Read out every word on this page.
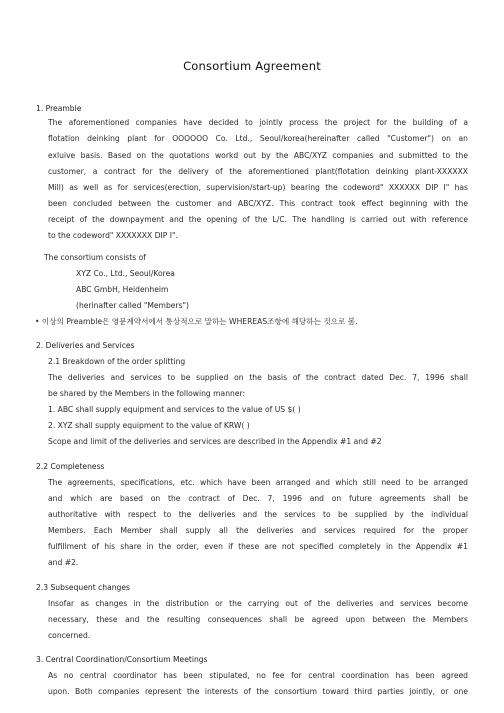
Consortium Agreement
1. Preamble
The aforementioned companies have decided to jointly process the project for the building of a
flotation deinking plant for OOOOOO Co. Ltd., Seoul/korea(hereinafter called "Customer") on an
exluive basis. Based on the quotations workd out by the ABC/XYZ companies and submitted to the
customer, a contract for the delivery of the aforementioned plant(flotation deinking plant-XXXXXX
Mill) as well as for services(erection, supervision/start-up) bearing the codeword" XXXXXX DIP I" has
been concluded between the customer and ABC/XYZ. This contract took effect beginning with the
receipt of the downpayment and the opening of the L/C. The handling is carried out with reference
to the codeword" XXXXXXX DIP I".
The consortium consists of
XYZ Co., Ltd., Seoul/Korea
ABC GmbH, Heidenheim
(herinafter called "Members")
• 이상의 Preamble은 영문계약서에서 통상적으로 말하는 WHEREAS조항에 해당하는 것으로 봄.
2. Deliveries and Services
2.1 Breakdown of the order splitting
The deliveries and services to be supplied on the basis of the contract dated Dec. 7, 1996 shall
be shared by the Members in the following manner:
1. ABC shall supply equipment and services to the value of US $( )
2. XYZ shall supply equipment to the value of KRW( )
Scope and limit of the deliveries and services are described in the Appendix #1 and #2
2.2 Completeness
The agreements, specifications, etc. which have been arranged and which still need to be arranged
and which are based on the contract of Dec. 7, 1996 and on future agreements shall be
authoritative with respect to the deliveries and the services to be supplied by the individual
Members. Each Member shall supply all the deliveries and services required for the proper
fulfillment of his share in the order, even if these are not specified completely in the Appendix #1
and #2.
2.3 Subsequent changes
Insofar as changes in the distribution or the carrying out of the deliveries and services become
necessary, these and the resulting consequences shall be agreed upon between the Members
concerned.
3. Central Coordination/Consortium Meetings
As no central coordinator has been stipulated, no fee for central coordination has been agreed
upon. Both companies represent the interests of the consortium toward third parties jointly, or one
